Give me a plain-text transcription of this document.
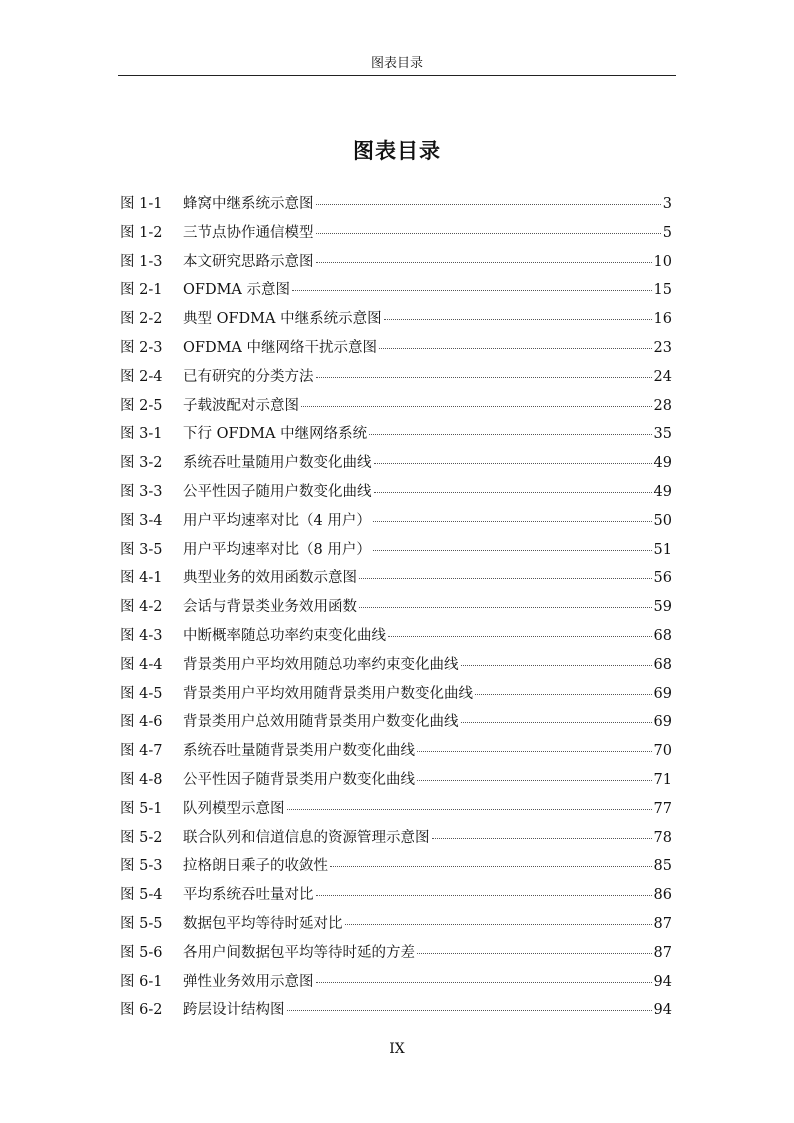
图表目录
图表目录
图 1-1	蜂窝中继系统示意图	3
图 1-2	三节点协作通信模型	5
图 1-3	本文研究思路示意图	10
图 2-1	OFDMA 示意图	15
图 2-2	典型 OFDMA 中继系统示意图	16
图 2-3	OFDMA 中继网络干扰示意图	23
图 2-4	已有研究的分类方法	24
图 2-5	子载波配对示意图	28
图 3-1	下行 OFDMA 中继网络系统	35
图 3-2	系统吞吐量随用户数变化曲线	49
图 3-3	公平性因子随用户数变化曲线	49
图 3-4	用户平均速率对比（4 用户）	50
图 3-5	用户平均速率对比（8 用户）	51
图 4-1	典型业务的效用函数示意图	56
图 4-2	会话与背景类业务效用函数	59
图 4-3	中断概率随总功率约束变化曲线	68
图 4-4	背景类用户平均效用随总功率约束变化曲线	68
图 4-5	背景类用户平均效用随背景类用户数变化曲线	69
图 4-6	背景类用户总效用随背景类用户数变化曲线	69
图 4-7	系统吞吐量随背景类用户数变化曲线	70
图 4-8	公平性因子随背景类用户数变化曲线	71
图 5-1	队列模型示意图	77
图 5-2	联合队列和信道信息的资源管理示意图	78
图 5-3	拉格朗日乘子的收敛性	85
图 5-4	平均系统吞吐量对比	86
图 5-5	数据包平均等待时延对比	87
图 5-6	各用户间数据包平均等待时延的方差	87
图 6-1	弹性业务效用示意图	94
图 6-2	跨层设计结构图	94
IX
